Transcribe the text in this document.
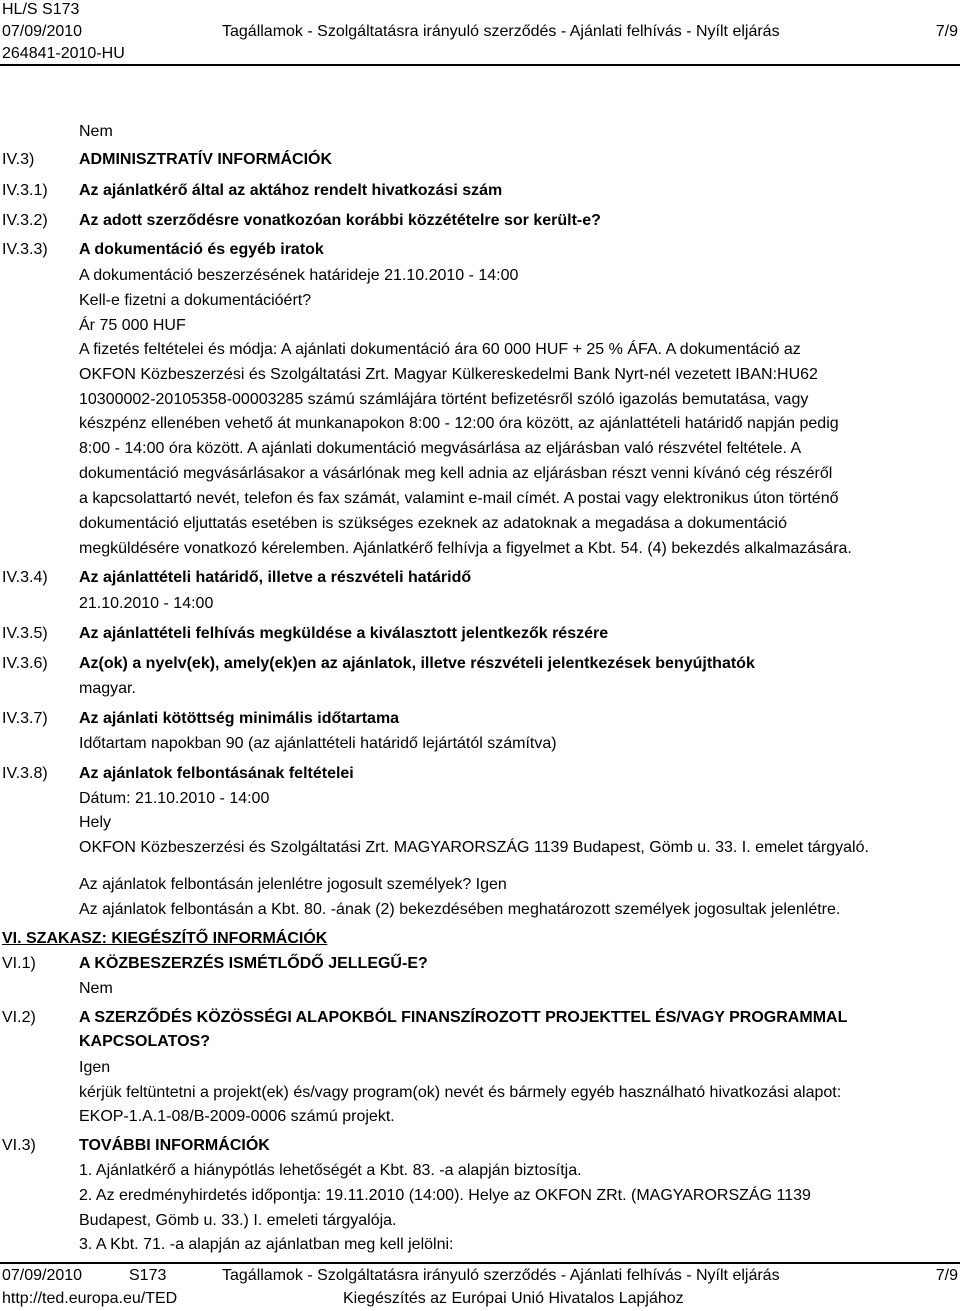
HL/S S173
07/09/2010
264841-2010-HU
Tagállamok - Szolgáltatásra irányuló szerződés - Ajánlati felhívás - Nyílt eljárás	7/9
Nem
IV.3)	ADMINISZTRATÍV INFORMÁCIÓK
IV.3.1) Az ajánlatkérő által az aktához rendelt hivatkozási szám
IV.3.2) Az adott szerződésre vonatkozóan korábbi közzétételre sor került-e?
IV.3.3) A dokumentáció és egyéb iratok
A dokumentáció beszerzésének határideje 21.10.2010 - 14:00
Kell-e fizetni a dokumentációért?
Ár 75 000 HUF
A fizetés feltételei és módja: A ajánlati dokumentáció ára 60 000 HUF + 25 % ÁFA. A dokumentáció az
OKFON Közbeszerzési és Szolgáltatási Zrt. Magyar Külkereskedelmi Bank Nyrt-nél vezetett IBAN:HU62
10300002-20105358-00003285 számú számlájára történt befizetésről szóló igazolás bemutatása, vagy
készpénz ellenében vehető át munkanapokon 8:00 - 12:00 óra között, az ajánlattételi határidő napján pedig
8:00 - 14:00 óra között. A ajánlati dokumentáció megvásárlása az eljárásban való részvétel feltétele. A
dokumentáció megvásárlásakor a vásárlónak meg kell adnia az eljárásban részt venni kívánó cég részéről
a kapcsolattartó nevét, telefon és fax számát, valamint e-mail címét. A postai vagy elektronikus úton történő
dokumentáció eljuttatás esetében is szükséges ezeknek az adatoknak a megadása a dokumentáció
megküldésére vonatkozó kérelemben. Ajánlatkérő felhívja a figyelmet a Kbt. 54. (4) bekezdés alkalmazására.
IV.3.4) Az ajánlattételi határidő, illetve a részvételi határidő
21.10.2010 - 14:00
IV.3.5) Az ajánlattételi felhívás megküldése a kiválasztott jelentkezők részére
IV.3.6) Az(ok) a nyelv(ek), amely(ek)en az ajánlatok, illetve részvételi jelentkezések benyújthatók
magyar.
IV.3.7) Az ajánlati kötöttség minimális időtartama
Időtartam napokban 90 (az ajánlattételi határidő lejártától számítva)
IV.3.8) Az ajánlatok felbontásának feltételei
Dátum: 21.10.2010 - 14:00
Hely
OKFON Közbeszerzési és Szolgáltatási Zrt. MAGYARORSZÁG 1139 Budapest, Gömb u. 33. I. emelet tárgyaló.
Az ajánlatok felbontásán jelenlétre jogosult személyek? Igen
Az ajánlatok felbontásán a Kbt. 80. -ának (2) bekezdésében meghatározott személyek jogosultak jelenlétre.
VI. SZAKASZ: KIEGÉSZÍTŐ INFORMÁCIÓK
VI.1)	A KÖZBESZERZÉS ISMÉTLŐDŐ JELLEGŰ-E?
Nem
VI.2)	A SZERZŐDÉS KÖZÖSSÉGI ALAPOKBÓL FINANSZÍROZOTT PROJEKTTEL ÉS/VAGY PROGRAMMAL
KAPCSOLATOS?
Igen
kérjük feltüntetni a projekt(ek) és/vagy program(ok) nevét és bármely egyéb használható hivatkozási alapot:
EKOP-1.A.1-08/B-2009-0006 számú projekt.
VI.3)	TOVÁBBI INFORMÁCIÓK
1. Ajánlatkérő a hiánypótlás lehetőségét a Kbt. 83. -a alapján biztosítja.
2. Az eredményhirdetés időpontja: 19.11.2010 (14:00). Helye az OKFON ZRt. (MAGYARORSZÁG 1139
Budapest, Gömb u. 33.) I. emeleti tárgyalója.
3. A Kbt. 71. -a alapján az ajánlatban meg kell jelölni:
07/09/2010	S173	Tagállamok - Szolgáltatásra irányuló szerződés - Ajánlati felhívás - Nyílt eljárás	7/9
http://ted.europa.eu/TED	Kiegészítés az Európai Unió Hivatalos Lapjához
